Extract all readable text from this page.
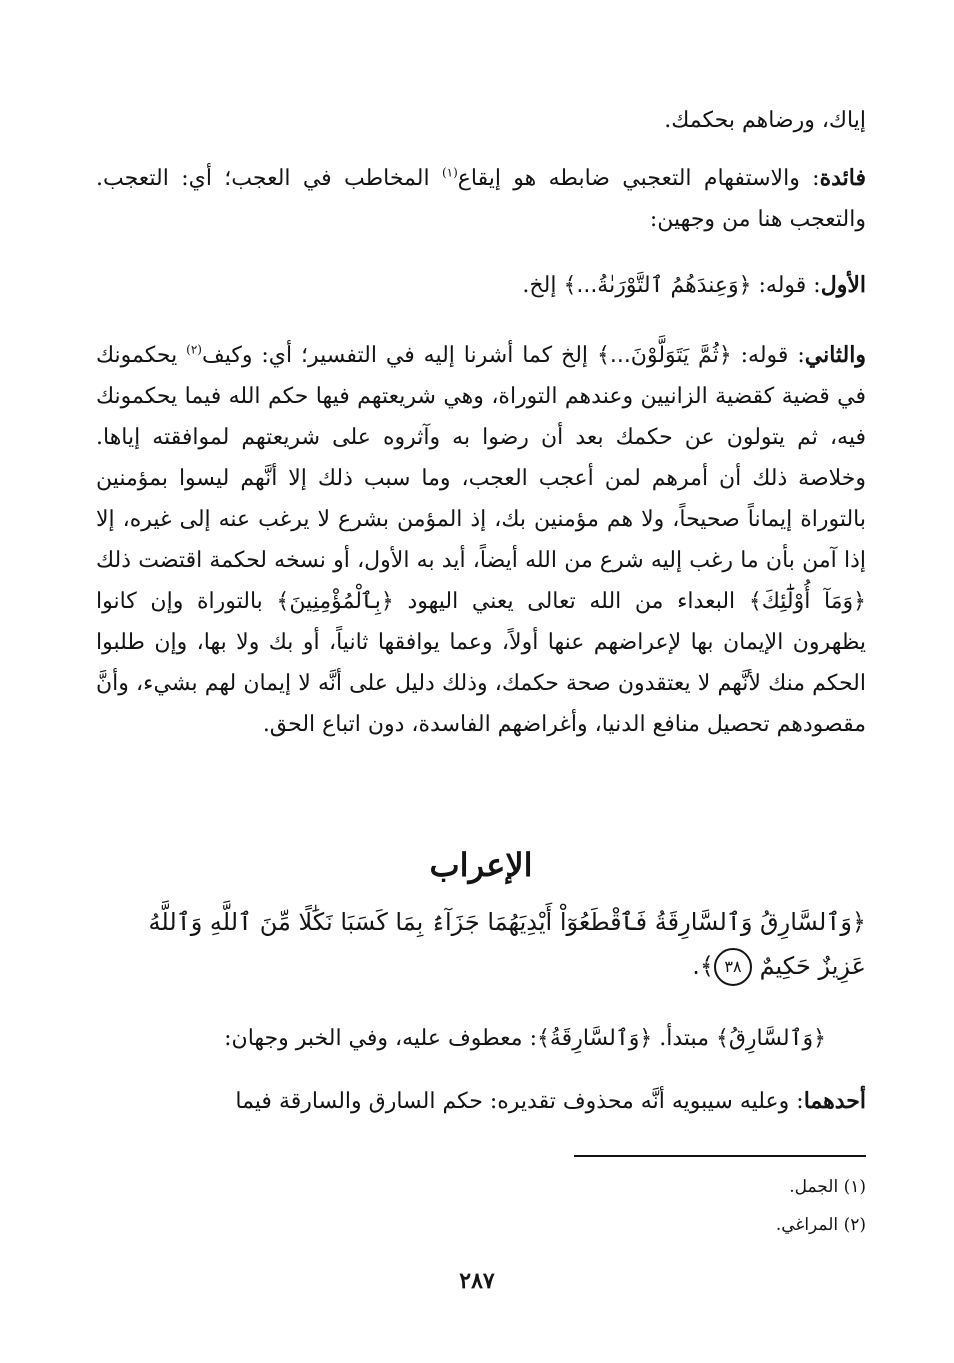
إياك، ورضاهم بحكمك.

فائدة: والاستفهام التعجبي ضابطه هو إيقاع$^{(١)}$ المخاطب في العجب؛ أي: التعجب. والتعجب هنا من وجهين:

الأول: قوله: ﴿وَعِندَهُمُ ٱلتَّوْرَىٰةُ...﴾ إلخ.

والثاني: قوله: ﴿ثُمَّ يَتَوَلَّوْنَ...﴾ إلخ كما أشرنا إليه في التفسير؛ أي: وكيف$^{(٢)}$ يحكمونك في قضية كقضية الزانيين وعندهم التوراة، وهي شريعتهم فيها حكم الله فيما يحكمونك فيه، ثم يتولون عن حكمك بعد أن رضوا به وآثروه على شريعتهم لموافقته إياها. وخلاصة ذلك أن أمرهم لمن أعجب العجب، وما سبب ذلك إلا أنَّهم ليسوا بمؤمنين بالتوراة إيماناً صحيحاً، ولا هم مؤمنين بك، إذ المؤمن بشرع لا يرغب عنه إلى غيره، إلا إذا آمن بأن ما رغب إليه شرع من الله أيضاً، أيد به الأول، أو نسخه لحكمة اقتضت ذلك ﴿وَمَآ أُوْلَٰٓئِكَ﴾ البعداء من الله تعالى يعني اليهود ﴿بِٱلْمُؤْمِنِينَ﴾ بالتوراة وإن كانوا يظهرون الإيمان بها لإعراضهم عنها أولاً، وعما يوافقها ثانياً، أو بك ولا بها، وإن طلبوا الحكم منك لأنَّهم لا يعتقدون صحة حكمك، وذلك دليل على أنَّه لا إيمان لهم بشيء، وأنَّ مقصودهم تحصيل منافع الدنيا، وأغراضهم الفاسدة، دون اتباع الحق.

الإعراب

﴿وَٱلسَّارِقُ وَٱلسَّارِقَةُ فَٱقْطَعُوٓاْ أَيْدِيَهُمَا جَزَآءَۢ بِمَا كَسَبَا نَكَٰلًا مِّنَ ٱللَّهِ وَٱللَّهُ عَزِيزٌ حَكِيمٌ ٣٨﴾.

﴿وَٱلسَّارِقُ﴾ مبتدأ. ﴿وَٱلسَّارِقَةُ﴾: معطوف عليه، وفي الخبر وجهان:

أحدهما: وعليه سيبويه أنَّه محذوف تقديره: حكم السارق والسارقة فيما

(١) الجمل.
(٢) المراغي.
٢٨٧
